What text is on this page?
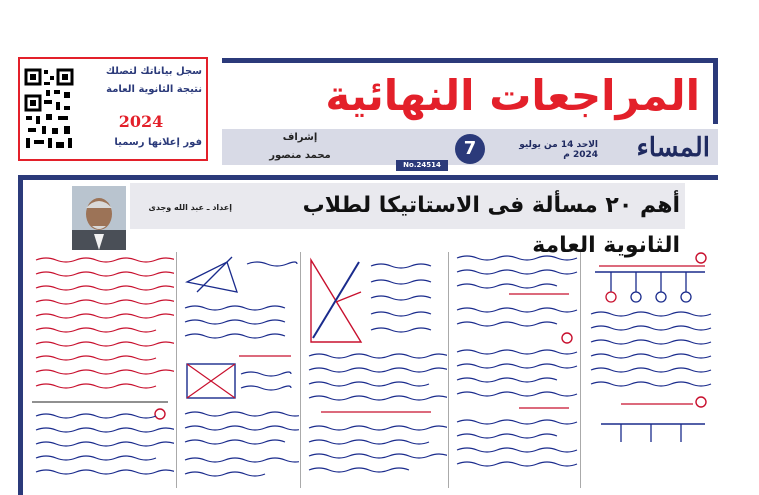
المراجعات النهائية
المساء
الاحد 14 من يوليو 2024 م
7
No.24514
إشراف
محمد منصور
سجل بياناتك لتصلك
نتيجة الثانوية العامة
2024
فور إعلانها رسميا
أهم ٢٠ مسألة فى الاستاتيكا لطلاب الثانوية العامة
إعداد ـ عبد الله وجدى
